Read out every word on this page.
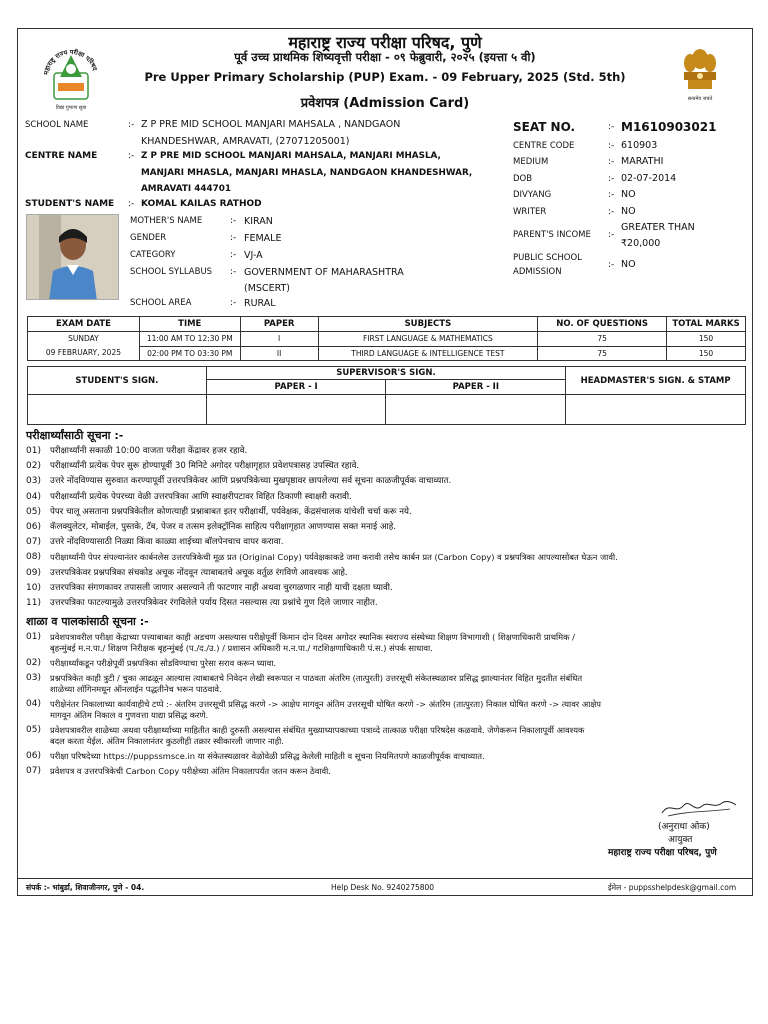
महाराष्ट्र राज्य परीक्षा परिषद
विद्या गुणाण सूत्रा
सत्यमेव जयते
महाराष्ट्र राज्य परीक्षा परिषद, पुणे
पूर्व उच्च प्राथमिक शिष्यवृत्ती परीक्षा - ०९ फेब्रुवारी, २०२५ (इयत्ता ५ वी)
Pre Upper Primary Scholarship (PUP) Exam. - 09 February, 2025 (Std. 5th)
प्रवेशपत्र (Admission Card)
SCHOOL NAME	:- Z P PRE MID SCHOOL MANJARI MAHSALA , NANDGAON
KHANDESHWAR, AMRAVATI, (27071205001)
CENTRE NAME	:- Z P PRE MID SCHOOL MANJARI MAHSALA, MANJARI MHASLA,
MANJARI MHASLA, MANJARI MHASLA, NANDGAON KHANDESHWAR,
AMRAVATI 444701
STUDENT'S NAME :- KOMAL KAILAS RATHOD
MOTHER'S NAME	:- KIRAN
GENDER	:- FEMALE
CATEGORY	:- VJ-A
SCHOOL SYLLABUS :- GOVERNMENT OF MAHARASHTRA
(MSCERT)
SCHOOL AREA	:- RURAL
SEAT NO.	:- M1610903021
CENTRE CODE	:- 610903
MEDIUM	:- MARATHI
DOB	:- 02-07-2014
DIVYANG	:- NO
WRITER	:- NO
PARENT'S INCOME :-
GREATER THAN
₹20,000
PUBLIC SCHOOL
ADMISSION
:- NO
EXAM DATE	TIME	PAPER	SUBJECTS	NO. OF QUESTIONS	TOTAL MARKS

SUNDAY
09 FEBRUARY, 2025	11:00 AM TO 12:30 PM	I	FIRST LANGUAGE & MATHEMATICS	75	150
	02:00 PM TO 03:30 PM	II	THIRD LANGUAGE & INTELLIGENCE TEST	75	150
STUDENT'S SIGN.	SUPERVISOR'S SIGN.		HEADMASTER'S SIGN. & STAMP
	PAPER - I	PAPER - II	

परीक्षार्थ्यांसाठी सूचना :-
01)	परीक्षार्थ्यांनी सकाळी 10:00 वाजता परीक्षा केंद्रावर हजर रहावे.
02)	परीक्षार्थ्यांनी प्रत्येक पेपर सुरू होण्यापूर्वी 30 मिनिटे अगोदर परीक्षागृहात प्रवेशपत्रासह उपस्थित रहावे.
03)	उत्तरे नोंदविण्यास सुरुवात करण्यापूर्वी उत्तरपत्रिकेवर आणि प्रश्नपत्रिकेच्या मुखपृष्ठावर छापलेल्या सर्व सूचना काळजीपूर्वक वाचाव्यात.
04)	परीक्षार्थ्यांनी प्रत्येक पेपरच्या वेळी उत्तरपत्रिका आणि स्वाक्षरीपटावर विहित ठिकाणी स्वाक्षरी करावी.
05)	पेपर चालू असताना प्रश्नपत्रिकेतील कोणत्याही प्रश्नाबाबत इतर परीक्षार्थी, पर्यवेक्षक, केंद्रसंचालक यांचेशी चर्चा करू नये.
06)	कॅलक्युलेटर, मोबाईल, पुस्तके, टॅब, पेजर व तत्सम इलेक्ट्रॉनिक साहित्य परीक्षागृहात आणण्यास सक्त मनाई आहे.
07)	उत्तरे नोंदविण्यासाठी निळ्या किंवा काळ्या शाईच्या बॉलपेनचाच वापर करावा.
08)	परीक्षार्थ्यांनी पेपर संपल्यानंतर कार्बनलेस उत्तरपत्रिकेची मूळ प्रत (Original Copy) पर्यवेक्षकाकडे जमा करावी तसेच कार्बन प्रत (Carbon Copy) व प्रश्नपत्रिका आपल्यासोबत घेऊन जावी.
09)	उत्तरपत्रिकेवर प्रश्नपत्रिका संचकोड अचूक नोंदवून त्याबाबतचे अचूक वर्तुळ रंगविणे आवश्यक आहे.
10)	उत्तरपत्रिका संगणकावर तपासली जाणार असल्याने ती फाटणार नाही अथवा चुरगळणार नाही याची दक्षता घ्यावी.
11)	उत्तरपत्रिका फाटल्यामुळे उत्तरपत्रिकेवर रंगविलेले पर्याय दिसत नसल्यास त्या प्रश्नांचे गुण दिले जाणार नाहीत.
शाळा व पालकांसाठी सूचना :-
01)	प्रवेशपत्रावरील परीक्षा केंद्राच्या पत्त्याबाबत काही अडचण असल्यास परीक्षेपूर्वी किमान दोन दिवस अगोदर स्थानिक स्वराज्य संस्थेच्या शिक्षण विभागाशी ( शिक्षणाधिकारी प्राथमिक /
बृहन्मुंबई म.न.पा./ शिक्षण निरीक्षक बृहन्मुंबई (प./द./उ.) / प्रशासन अधिकारी म.न.पा./ गटशिक्षणाधिकारी पं.स.) संपर्क साधावा.
02)	परीक्षार्थ्यांकडून परीक्षेपूर्वी प्रश्नपत्रिका सोडविण्याचा पुरेसा सराव करून घ्यावा.
03)	प्रश्नपत्रिकेत काही त्रुटी / चुका आढळून आल्यास त्याबाबतचे निवेदन लेखी स्वरूपात न पाठवता अंतरिम (तात्पुरती) उत्तरसूची संकेतस्थळावर प्रसिद्ध झाल्यानंतर विहित मुदतीत संबंधित
शाळेच्या लॉगिनमधून ऑनलाईन पद्धतीनेच भरून पाठवावे.
04)	परीक्षेनंतर निकालाच्या कार्यवाहीचे टप्पे :- अंतरिम उत्तरसूची प्रसिद्ध करणे -> आक्षेप मागवून अंतिम उत्तरसूची घोषित करणे -> अंतरिम (तात्पुरता) निकाल घोषित करणे -> त्यावर आक्षेप
मागवून अंतिम निकाल व गुणवत्ता याद्या प्रसिद्ध करणे.
05)	प्रवेशपत्रावरील शाळेच्या अथवा परीक्षार्थ्याच्या माहितीत काही दुरुस्ती असल्यास संबंधित मुख्याध्यापकाच्या पत्राव्दे तात्काळ परीक्षा परिषदेस कळवावे. जेणेकरून निकालापूर्वी आवश्यक
बदल करता येईल. अंतिम निकालानंतर कुठलीही तक्रार स्वीकारली जाणार नाही.
06)	परीक्षा परिषदेच्या https://puppssmsce.in या संकेतस्थळावर वेळोवेळी प्रसिद्ध केलेली माहिती व सूचना नियमितपणे काळजीपूर्वक वाचाव्यात.
07)	प्रवेशपत्र व उत्तरपत्रिकेची Carbon Copy परीक्षेच्या अंतिम निकालापर्यंत जतन करून ठेवावी.
(अनुराधा ओक)
आयुक्त
महाराष्ट्र राज्य परीक्षा परिषद, पुणे
संपर्क :- भांबुर्डा, शिवाजीनगर, पुणे - 04.	Help Desk No. 9240275800	ईमेल - puppsshelpdesk@gmail.com
